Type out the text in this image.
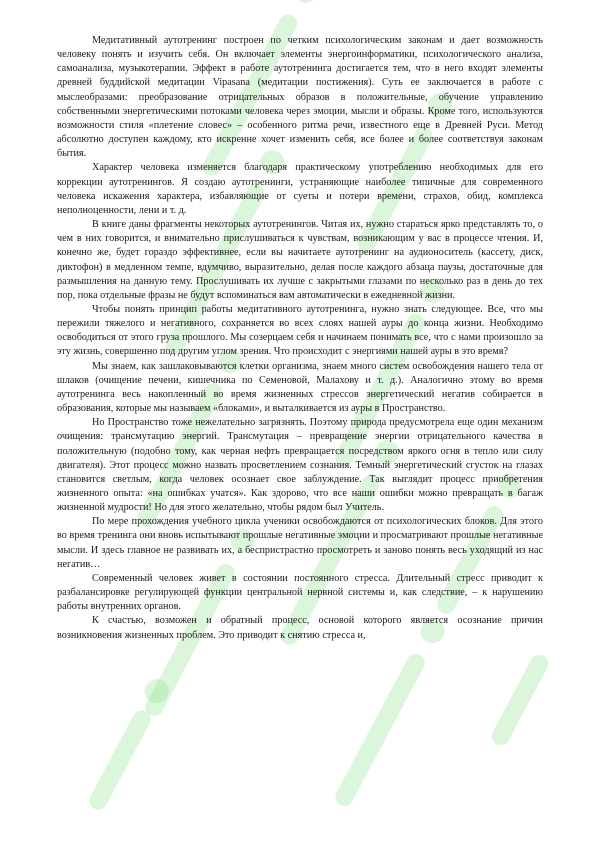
Медитативный аутотренинг построен по четким психологическим законам и дает возможность человеку понять и изучить себя. Он включает элементы энергоинформатики, психологического анализа, самоанализа, музыкотерапии. Эффект в работе аутотренинга достигается тем, что в него входят элементы древней буддийской медитации Vipasana (медитации постижения). Суть ее заключается в работе с мыслеобразами: преобразование отрицательных образов в положительные, обучение управлению собственными энергетическими потоками человека через эмоции, мысли и образы. Кроме того, используются возможности стиля «плетение словес» – особенного ритма речи, известного еще в Древней Руси. Метод абсолютно доступен каждому, кто искренне хочет изменить себя, все более и более соответствуя законам бытия.

Характер человека изменяется благодаря практическому употреблению необходимых для его коррекции аутотренингов. Я создаю аутотренинги, устраняющие наиболее типичные для современного человека искажения характера, избавляющие от суеты и потери времени, страхов, обид, комплекса неполноценности, лени и т. д.

В книге даны фрагменты некоторых аутотренингов. Читая их, нужно стараться ярко представлять то, о чем в них говорится, и внимательно прислушиваться к чувствам, возникающим у вас в процессе чтения. И, конечно же, будет гораздо эффективнее, если вы начитаете аутотренинг на аудионоситель (кассету, диск, диктофон) в медленном темпе, вдумчиво, выразительно, делая после каждого абзаца паузы, достаточные для размышления на данную тему. Прослушивать их лучше с закрытыми глазами по несколько раз в день до тех пор, пока отдельные фразы не будут вспоминаться вам автоматически в ежедневной жизни.

Чтобы понять принцип работы медитативного аутотренинга, нужно знать следующее. Все, что мы пережили тяжелого и негативного, сохраняется во всех слоях нашей ауры до конца жизни. Необходимо освободиться от этого груза прошлого. Мы созерцаем себя и начинаем понимать все, что с нами произошло за эту жизнь, совершенно под другим углом зрения. Что происходит с энергиями нашей ауры в это время?

Мы знаем, как зашлаковываются клетки организма, знаем много систем освобождения нашего тела от шлаков (очищение печени, кишечника по Семеновой, Малахову и т. д.). Аналогично этому во время аутотренинга весь накопленный во время жизненных стрессов энергетический негатив собирается в образования, которые мы называем «блоками», и выталкивается из ауры в Пространство.

Но Пространство тоже нежелательно загрязнять. Поэтому природа предусмотрела еще один механизм очищения: трансмутацию энергий. Трансмутация – превращение энергии отрицательного качества в положительную (подобно тому, как черная нефть превращается посредством яркого огня в тепло или силу двигателя). Этот процесс можно назвать просветлением сознания. Темный энергетический сгусток на глазах становится светлым, когда человек осознает свое заблуждение. Так выглядит процесс приобретения жизненного опыта: «на ошибках учатся». Как здорово, что все наши ошибки можно превращать в багаж жизненной мудрости! Но для этого желательно, чтобы рядом был Учитель.

По мере прохождения учебного цикла ученики освобождаются от психологических блоков. Для этого во время тренинга они вновь испытывают прошлые негативные эмоции и просматривают прошлые негативные мысли. И здесь главное не развивать их, а беспристрастно просмотреть и заново понять весь уходящий из нас негатив…

Современный человек живет в состоянии постоянного стресса. Длительный стресс приводит к разбалансировке регулирующей функции центральной нервной системы и, как следствие, – к нарушению работы внутренних органов.

К счастью, возможен и обратный процесс, основой которого является осознание причин возникновения жизненных проблем. Это приводит к снятию стресса и,
